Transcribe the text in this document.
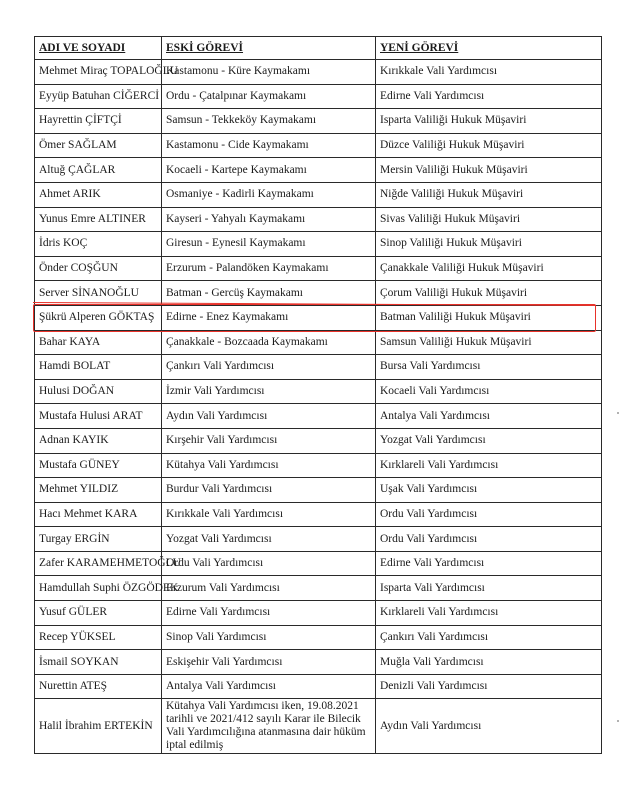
ADI VE SOYADI	ESKİ GÖREVİ	YENİ GÖREVİ
Mehmet Miraç TOPALOĞLU	Kastamonu - Küre Kaymakamı	Kırıkkale Vali Yardımcısı
Eyyüp Batuhan CİĞERCİ	Ordu - Çatalpınar Kaymakamı	Edirne Vali Yardımcısı
Hayrettin ÇİFTÇİ	Samsun - Tekkeköy Kaymakamı	Isparta Valiliği Hukuk Müşaviri
Ömer SAĞLAM	Kastamonu - Cide Kaymakamı	Düzce Valiliği Hukuk Müşaviri
Altuğ ÇAĞLAR	Kocaeli - Kartepe Kaymakamı	Mersin Valiliği Hukuk Müşaviri
Ahmet ARIK	Osmaniye - Kadirli Kaymakamı	Niğde Valiliği Hukuk Müşaviri
Yunus Emre ALTINER	Kayseri - Yahyalı Kaymakamı	Sivas Valiliği Hukuk Müşaviri
İdris KOÇ	Giresun - Eynesil Kaymakamı	Sinop Valiliği Hukuk Müşaviri
Önder COŞĞUN	Erzurum - Palandöken Kaymakamı	Çanakkale Valiliği Hukuk Müşaviri
Server SİNANOĞLU	Batman - Gercüş Kaymakamı	Çorum Valiliği Hukuk Müşaviri
Şükrü Alperen GÖKTAŞ	Edirne - Enez Kaymakamı	Batman Valiliği Hukuk Müşaviri
Bahar KAYA	Çanakkale - Bozcaada Kaymakamı	Samsun Valiliği Hukuk Müşaviri
Hamdi BOLAT	Çankırı Vali Yardımcısı	Bursa Vali Yardımcısı
Hulusi DOĞAN	İzmir Vali Yardımcısı	Kocaeli Vali Yardımcısı
Mustafa Hulusi ARAT	Aydın Vali Yardımcısı	Antalya Vali Yardımcısı
Adnan KAYIK	Kırşehir Vali Yardımcısı	Yozgat Vali Yardımcısı
Mustafa GÜNEY	Kütahya Vali Yardımcısı	Kırklareli Vali Yardımcısı
Mehmet YILDIZ	Burdur Vali Yardımcısı	Uşak Vali Yardımcısı
Hacı Mehmet KARA	Kırıkkale Vali Yardımcısı	Ordu Vali Yardımcısı
Turgay ERGİN	Yozgat Vali Yardımcısı	Ordu Vali Yardımcısı
Zafer KARAMEHMETOĞLU	Ordu Vali Yardımcısı	Edirne Vali Yardımcısı
Hamdullah Suphi ÖZGÖDEK	Erzurum Vali Yardımcısı	Isparta Vali Yardımcısı
Yusuf GÜLER	Edirne Vali Yardımcısı	Kırklareli Vali Yardımcısı
Recep YÜKSEL	Sinop Vali Yardımcısı	Çankırı Vali Yardımcısı
İsmail SOYKAN	Eskişehir Vali Yardımcısı	Muğla Vali Yardımcısı
Nurettin ATEŞ	Antalya Vali Yardımcısı	Denizli Vali Yardımcısı
Halil İbrahim ERTEKİN	Kütahya Vali Yardımcısı iken, 19.08.2021 tarihli ve 2021/412 sayılı Karar ile Bilecik Vali Yardımcılığına atanmasına dair hüküm iptal edilmiş	Aydın Vali Yardımcısı
